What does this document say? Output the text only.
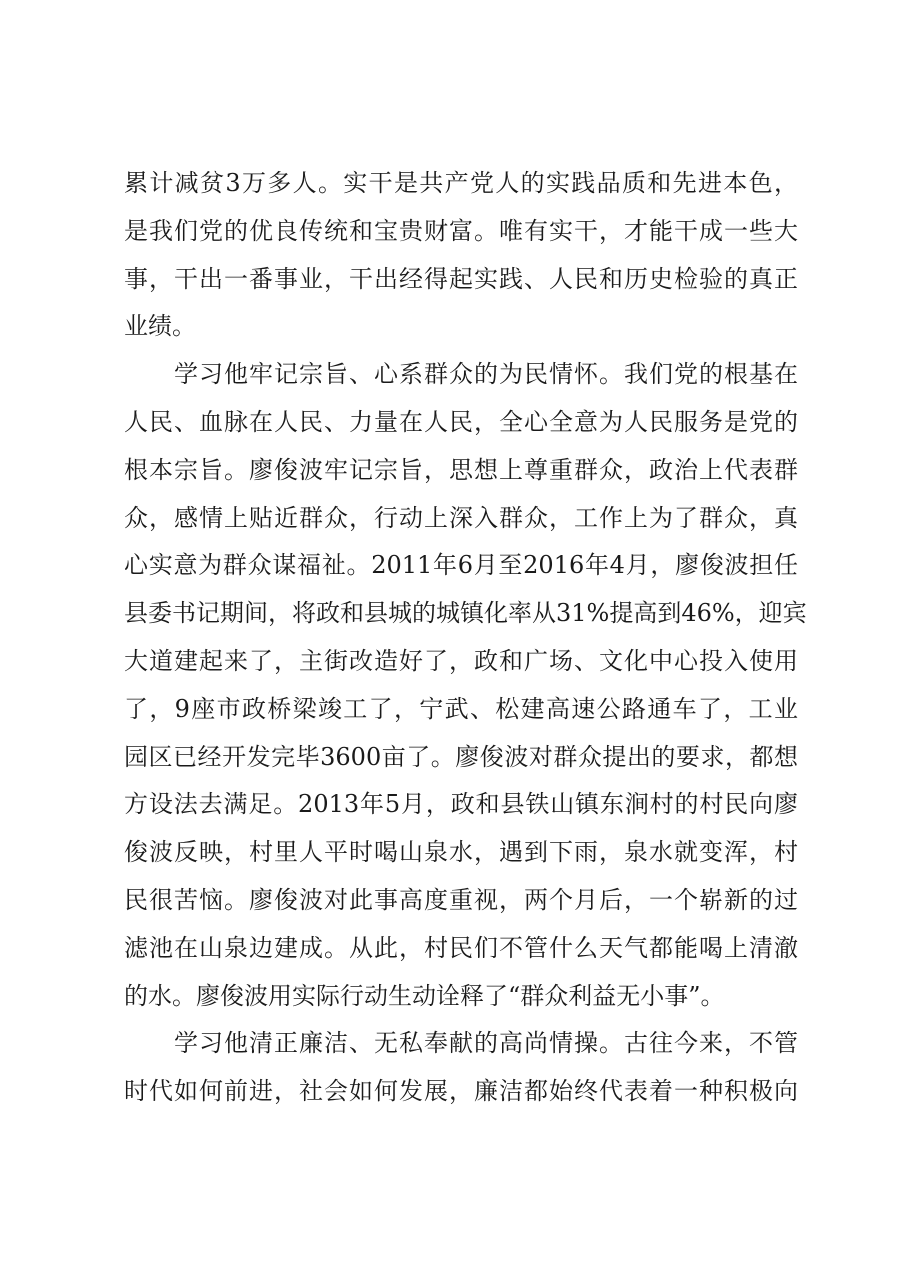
累计减贫3万多人。实干是共产党人的实践品质和先进本色，
是我们党的优良传统和宝贵财富。唯有实干，才能干成一些大
事，干出一番事业，干出经得起实践、人民和历史检验的真正
业绩。
　　学习他牢记宗旨、心系群众的为民情怀。我们党的根基在
人民、血脉在人民、力量在人民，全心全意为人民服务是党的
根本宗旨。廖俊波牢记宗旨，思想上尊重群众，政治上代表群
众，感情上贴近群众，行动上深入群众，工作上为了群众，真
心实意为群众谋福祉。2011年6月至2016年4月，廖俊波担任
县委书记期间，将政和县城的城镇化率从31%提高到46%，迎宾
大道建起来了，主街改造好了，政和广场、文化中心投入使用
了，9座市政桥梁竣工了，宁武、松建高速公路通车了，工业
园区已经开发完毕3600亩了。廖俊波对群众提出的要求，都想
方设法去满足。2013年5月，政和县铁山镇东涧村的村民向廖
俊波反映，村里人平时喝山泉水，遇到下雨，泉水就变浑，村
民很苦恼。廖俊波对此事高度重视，两个月后，一个崭新的过
滤池在山泉边建成。从此，村民们不管什么天气都能喝上清澈
的水。廖俊波用实际行动生动诠释了“群众利益无小事”。
　　学习他清正廉洁、无私奉献的高尚情操。古往今来，不管
时代如何前进，社会如何发展，廉洁都始终代表着一种积极向
